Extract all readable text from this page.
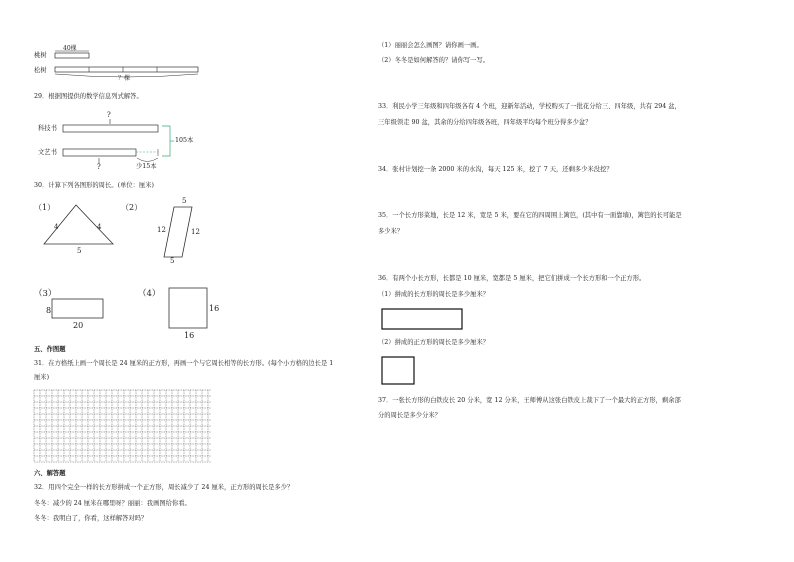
40棵
桃树
松树
？棵
29．根据图提供的数学信息列式解答。
?
科技书
文艺书
105本
?	少15本
30．计算下列各图形的周长。(单位：厘米)
（1）
4	4
5
（2）
5
12	12
5
（3）
8
20
（4）
16
16
五、作图题
31．在方格纸上画一个周长是 24 厘米的正方形，再画一个与它周长相等的长方形。(每个小方格的边长是 1
厘米)
六、解答题
32．用四个完全一样的长方形拼成一个正方形，周长减少了 24 厘米，正方形的周长是多少？
冬冬：减少的 24 厘米在哪里呀？丽丽：我画图给你看。
冬冬：我明白了，你看，这样解答对吗？
（1）丽丽会怎么画图？请你画一画。
（2）冬冬是如何解答的？请你写一写。
33．利民小学三年级和四年级各有 4 个班，迎新年活动，学校购买了一批花分给三、四年级，共有 294 盆，
三年级领走 90 盆，其余的分给四年级各班，四年级平均每个班分得多少盆？
34．张村计划挖一条 2000 米的水沟，每天 125 米，挖了 7 天，还剩多少米没挖？
35．一个长方形菜地，长是 12 米，宽是 5 米，要在它的四周围上篱笆，(其中有一面靠墙)，篱笆的长可能是
多少米？
36．有两个小长方形，长都是 10 厘米，宽都是 5 厘米，把它们拼成一个长方形和一个正方形。
（1）拼成的长方形的周长是多少厘米？
（2）拼成的正方形的周长是多少厘米？
37．一张长方形的白铁皮长 20 分米，宽 12 分米，王师傅从这张白铁皮上裁下了一个最大的正方形，剩余部
分的周长是多少分米？
